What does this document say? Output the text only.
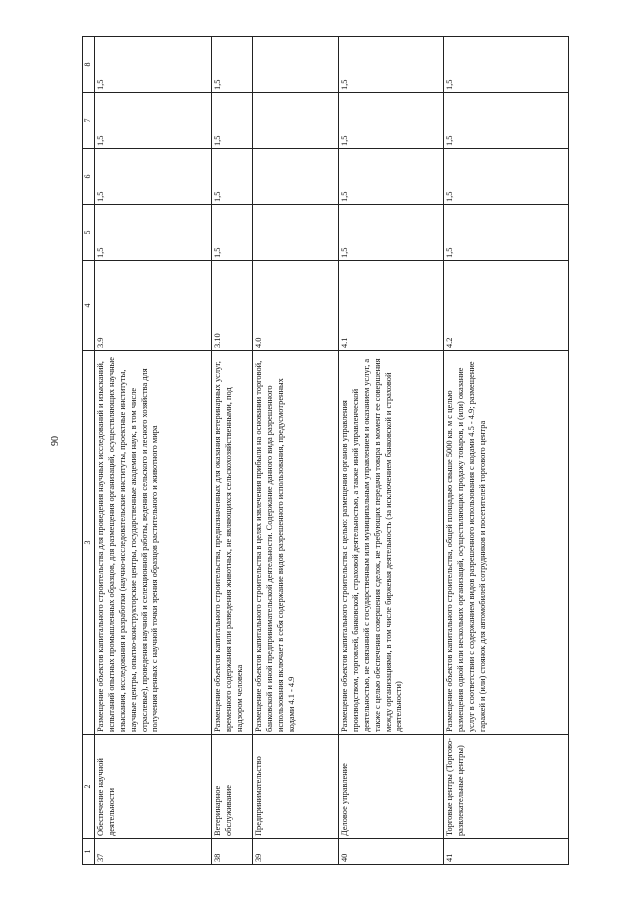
90
1	2	3	4	5	6	7	8
37	Обеспечение научной деятельности	Размещение объектов капитального строительства для проведения научных исследований и изысканий, испытаний опытных промышленных образцов, для размещения организаций, осуществляющих научные изыскания, исследования и разработки (научно-исследовательские институты, проектные институты, научные центры, опытно-конструкторские центры, государственные академии наук, в том числе отраслевые), проведения научной и селекционной работы, ведения сельского и лесного хозяйства для получения ценных с научной точки зрения образцов растительного и животного мира	3.9	1,5	1,5	1,5	1,5
38	Ветеринарное обслуживание	Размещение объектов капитального строительства, предназначенных для оказания ветеринарных услуг, временного содержания или разведения животных, не являющихся сельскохозяйственными, под надзором человека	3.10	1,5	1,5	1,5	1,5
39	Предпринимательство	Размещение объектов капитального строительства в целях извлечения прибыли на основании торговой, банковской и иной предпринимательской деятельности. Содержание данного вида разрешенного использования включает в себя содержание видов разрешенного использования, предусмотренных кодами 4.1 - 4.9	4.0				
40	Деловое управление	Размещение объектов капитального строительства с целью: размещения органов управления производством, торговлей, банковской, страховой деятельностью, а также иной управленческой деятельностью, не связанной с государственным или муниципальным управлением и оказанием услуг, а также с целью обеспечения совершения сделок, не требующих передачи товара в момент ее совершения между организациями, в том числе биржевая деятельность (за исключением банковской и страховой деятельности)	4.1	1,5	1,5	1,5	1,5
41	Торговые центры (Торгово-развлекательные центры)	Размещение объектов капитального строительства, общей площадью свыше 5000 кв. м с целью размещения одной или нескольких организаций, осуществляющих продажу товаров, и (или) оказание услуг в соответствии с содержанием видов разрешенного использования с кодами 4.5 - 4.9; размещение гаражей и (или) стоянок для автомобилей сотрудников и посетителей торгового центра	4.2	1,5	1,5	1,5	1,5
